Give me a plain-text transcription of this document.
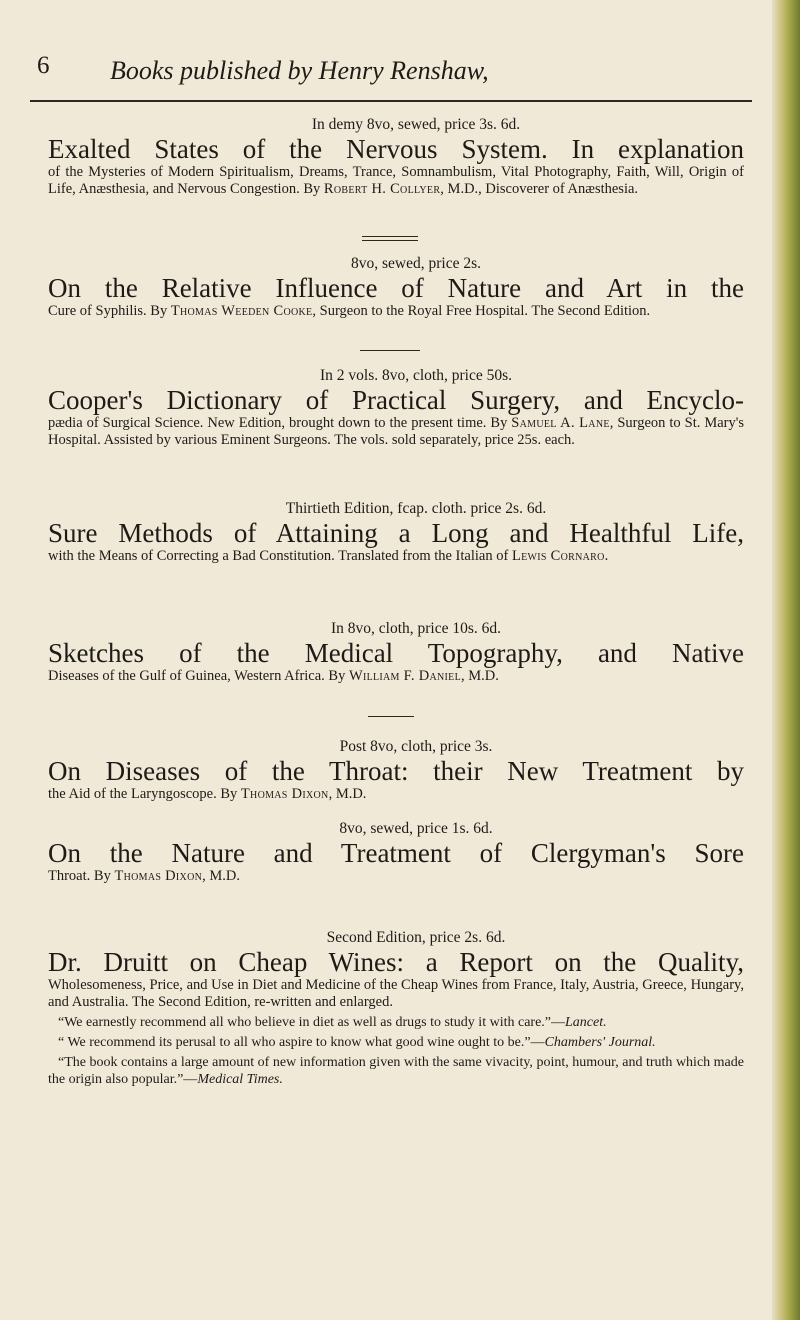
6 Books published by Henry Renshaw,
In demy 8vo, sewed, price 3s. 6d.
Exalted States of the Nervous System. In explanation
of the Mysteries of Modern Spiritualism, Dreams, Trance, Somnambulism, Vital Photography, Faith, Will, Origin of Life, Anæsthesia, and Nervous Congestion. By Robert H. Collyer, M.D., Discoverer of Anæsthesia.
8vo, sewed, price 2s.
On the Relative Influence of Nature and Art in the
Cure of Syphilis. By Thomas Weeden Cooke, Surgeon to the Royal Free Hospital. The Second Edition.
In 2 vols. 8vo, cloth, price 50s.
Cooper's Dictionary of Practical Surgery, and Encyclo-
pædia of Surgical Science. New Edition, brought down to the present time. By Samuel A. Lane, Surgeon to St. Mary's Hospital. Assisted by various Eminent Surgeons. The vols. sold separately, price 25s. each.
Thirtieth Edition, fcap. cloth. price 2s. 6d.
Sure Methods of Attaining a Long and Healthful Life,
with the Means of Correcting a Bad Constitution. Translated from the Italian of Lewis Cornaro.
In 8vo, cloth, price 10s. 6d.
Sketches of the Medical Topography, and Native
Diseases of the Gulf of Guinea, Western Africa. By William F. Daniel, M.D.
Post 8vo, cloth, price 3s.
On Diseases of the Throat: their New Treatment by
the Aid of the Laryngoscope. By Thomas Dixon, M.D.
8vo, sewed, price 1s. 6d.
On the Nature and Treatment of Clergyman's Sore
Throat. By Thomas Dixon, M.D.
Second Edition, price 2s. 6d.
Dr. Druitt on Cheap Wines: a Report on the Quality,
Wholesomeness, Price, and Use in Diet and Medicine of the Cheap Wines from France, Italy, Austria, Greece, Hungary, and Australia. The Second Edition, re-written and enlarged.
“We earnestly recommend all who believe in diet as well as drugs to study it with care.”—Lancet.
“ We recommend its perusal to all who aspire to know what good wine ought to be.”—Chambers' Journal.
“The book contains a large amount of new information given with the same vivacity, point, humour, and truth which made the origin also popular.”—Medical Times.
